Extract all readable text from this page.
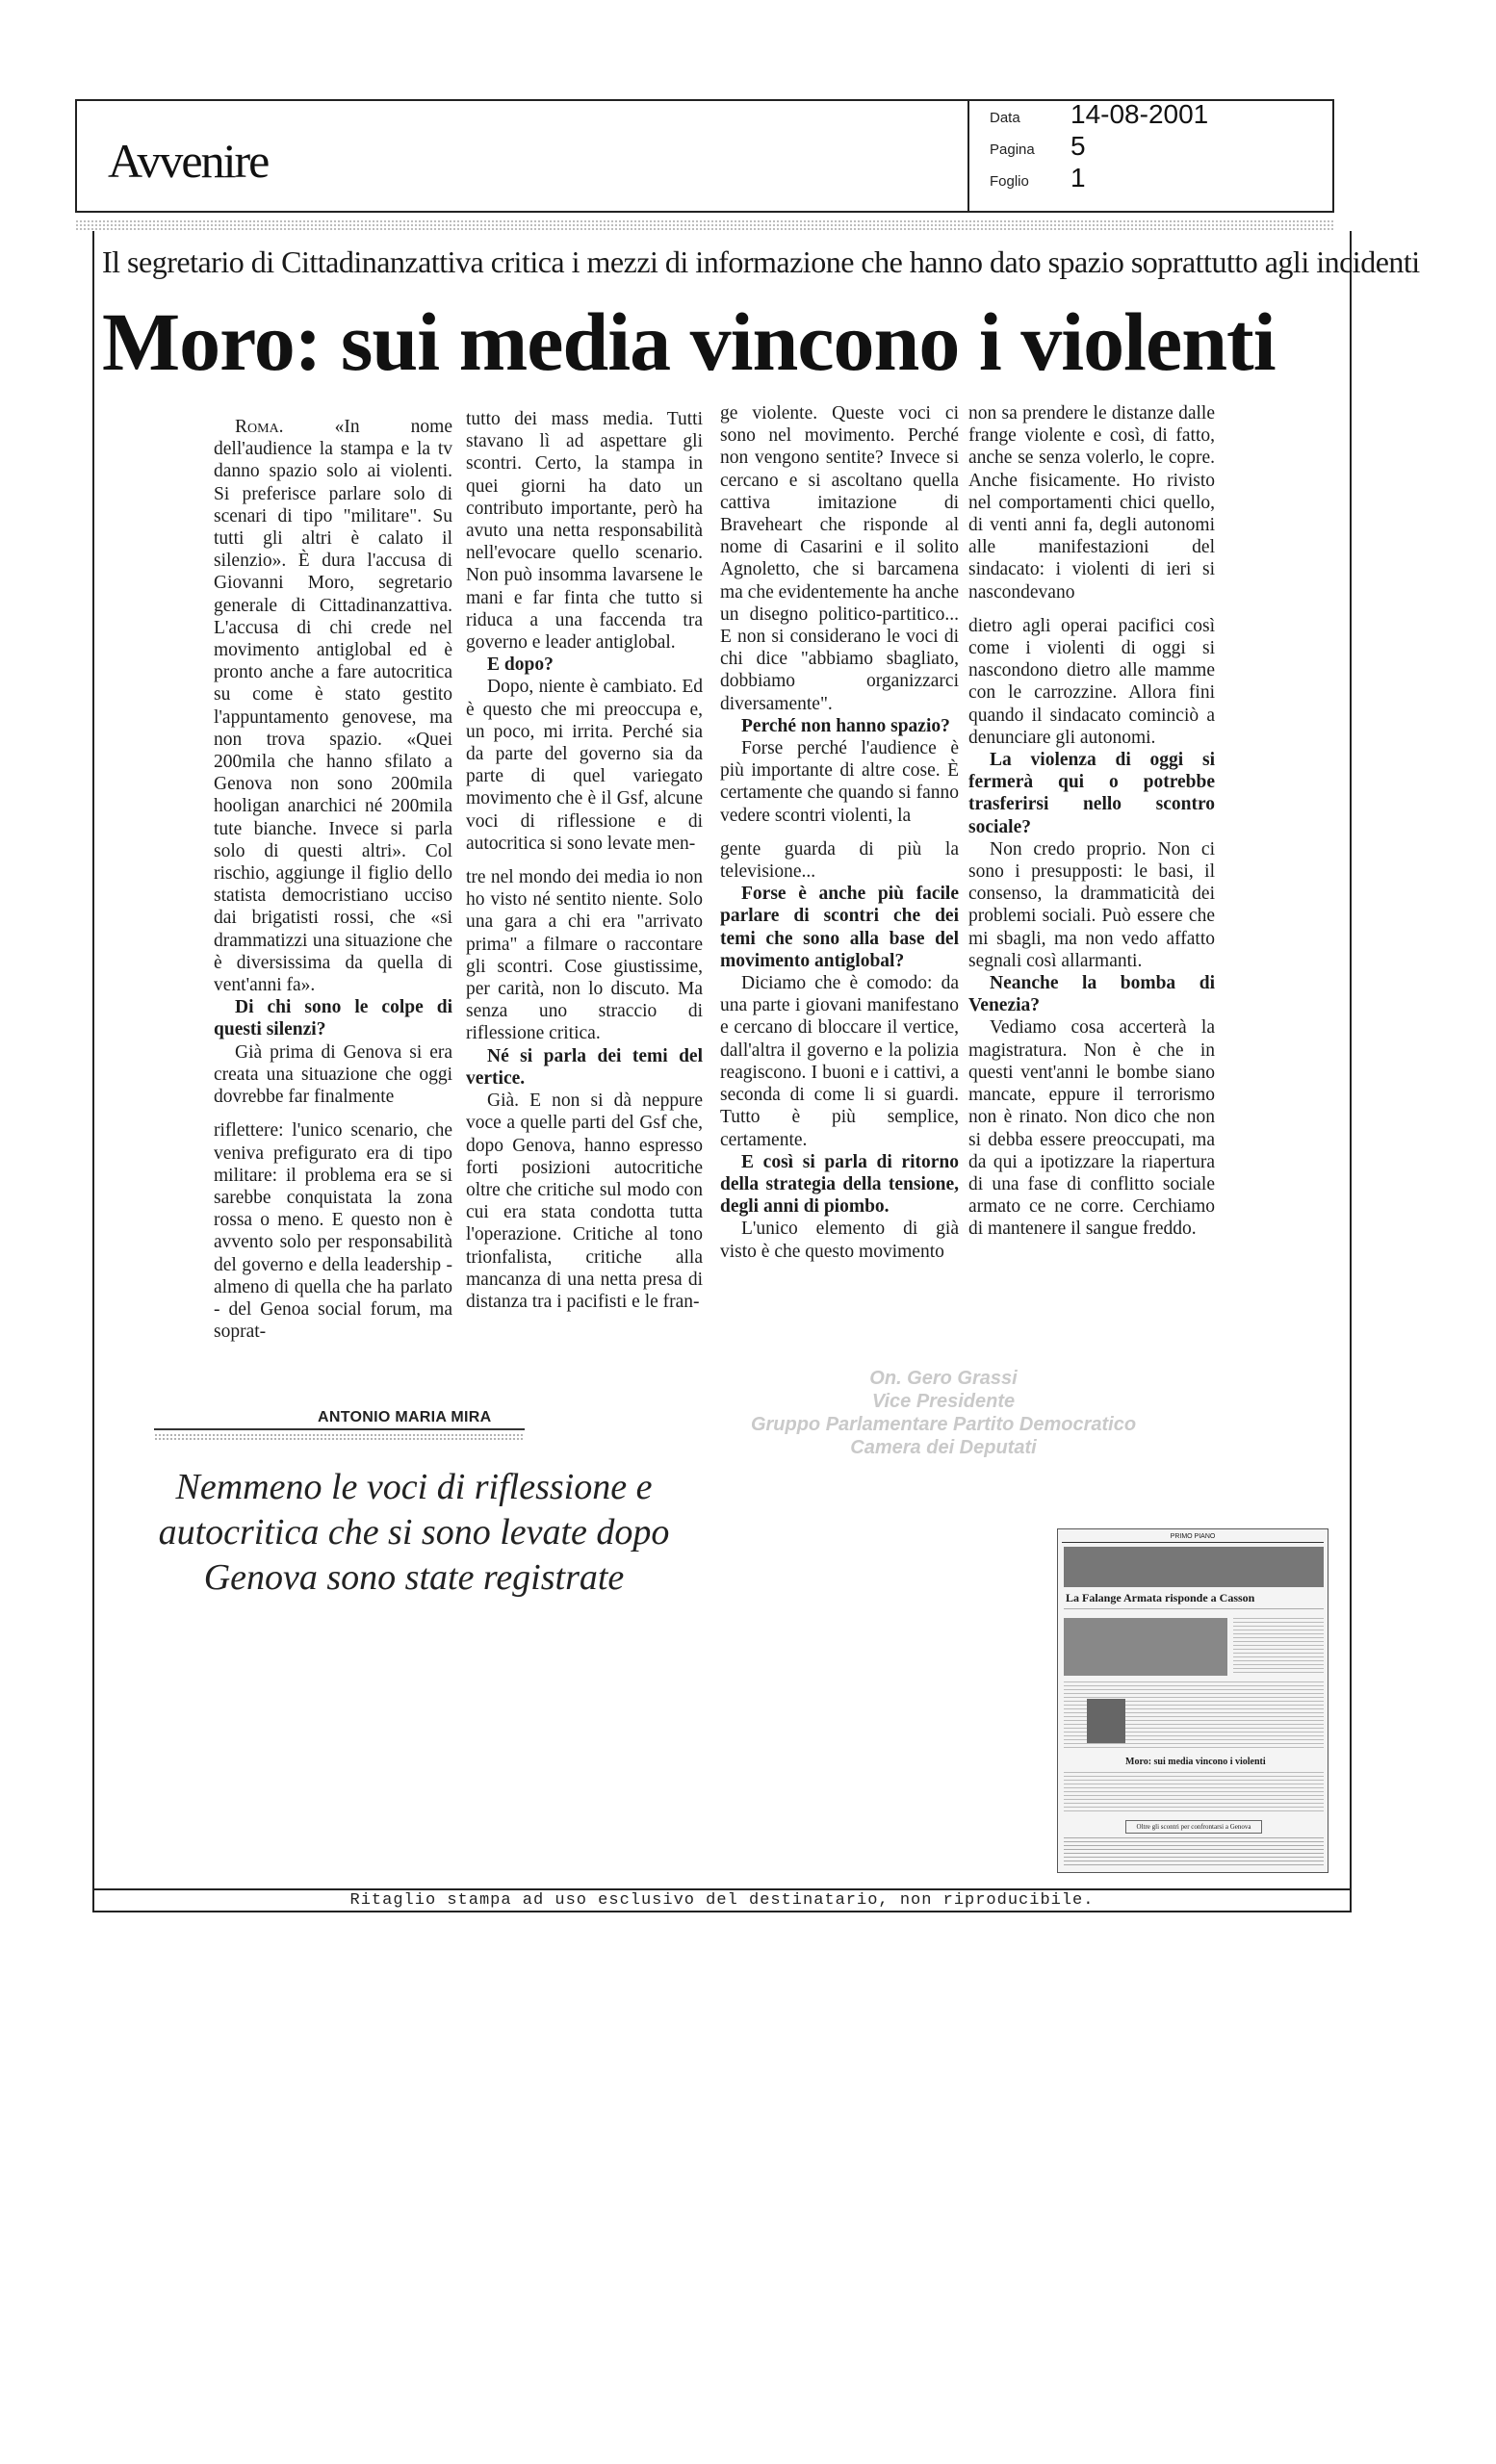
Avvenire
Data 14-08-2001
Pagina 5
Foglio 1
Il segretario di Cittadinanzattiva critica i mezzi di informazione che hanno dato spazio soprattutto agli incidenti
Moro: sui media vincono i violenti

Roma.	«In nome dell'audience la stampa e la tv danno spazio solo ai violenti. Si preferisce parlare solo di scenari di tipo "militare". Su tutti gli altri è calato il silenzio». È dura l'accusa di Giovanni Moro, segretario generale di Cittadinanzattiva. L'accusa di chi crede nel movimento antiglobal ed è pronto anche a fare autocritica su come è stato gestito l'appuntamento genovese, ma non trova spazio. «Quei 200mila che hanno sfilato a Genova non sono 200mila hooligan anarchici né 200mila tute bianche. Invece si parla solo di questi altri». Col rischio, aggiunge il figlio dello statista democristiano ucciso dai brigatisti rossi, che «si drammatizzi una situazione che è diversissima da quella di vent'anni fa».

Di chi sono le colpe di questi silenzi?

Già prima di Genova si era creata una situazione che oggi dovrebbe far finalmente

riflettere: l'unico scenario, che veniva prefigurato era di tipo militare: il problema era se si sarebbe conquistata la zona rossa o meno. E questo non è avvento solo per responsabilità del governo e della leadership - almeno di quella che ha parlato - del Genoa social forum, ma soprat-

tutto dei mass media. Tutti stavano lì ad aspettare gli scontri. Certo, la stampa in quei giorni ha dato un contributo importante, però ha avuto una netta responsabilità nell'evocare quello scenario. Non può insomma lavarsene le mani e far finta che tutto si riduca a una faccenda tra governo e leader antiglobal.

E dopo?

Dopo, niente è cambiato. Ed è questo che mi preoccupa e, un poco, mi irrita. Perché sia da parte del governo sia da parte di quel variegato movimento che è il Gsf, alcune voci di riflessione e di autocritica si sono levate men-

tre nel mondo dei media io non ho visto né sentito niente. Solo una gara a chi era "arrivato prima" a filmare o raccontare gli scontri. Cose giustissime, per carità, non lo discuto. Ma senza uno straccio di riflessione critica.

Né si parla dei temi del vertice.

Già. E non si dà neppure voce a quelle parti del Gsf che, dopo Genova, hanno espresso forti posizioni autocritiche oltre che critiche sul modo con cui era stata condotta tutta l'operazione. Critiche al tono trionfalista, critiche alla mancanza di una netta presa di distanza tra i pacifisti e le fran-

ge violente. Queste voci ci sono nel movimento. Perché non vengono sentite? Invece si cercano e si ascoltano quella cattiva imitazione di Braveheart che risponde al nome di Casarini e il solito Agnoletto, che si barcamena ma che evidentemente ha anche un disegno politico-partitico... E non si considerano le voci di chi dice "abbiamo sbagliato, dobbiamo organizzarci diversamente".

Perché non hanno spazio?

Forse perché l'audience è più importante di altre cose. È certamente che quando si fanno vedere scontri violenti, la

gente guarda di più la televisione...

Forse è anche più facile parlare di scontri che dei temi che sono alla base del movimento antiglobal?

Diciamo che è comodo: da una parte i giovani manifestano e cercano di bloccare il vertice, dall'altra il governo e la polizia reagiscono. I buoni e i cattivi, a seconda di come li si guardi. Tutto è più semplice, certamente.

E così si parla di ritorno della strategia della tensione, degli anni di piombo.

L'unico elemento di già visto è che questo movimento

non sa prendere le distanze dalle frange violente e così, di fatto, anche se senza volerlo, le copre. Anche fisicamente. Ho rivisto nel comportamenti chici quello, di venti anni fa, degli autonomi alle manifestazioni del sindacato: i violenti di ieri si nascondevano

dietro agli operai pacifici così come i violenti di oggi si nascondono dietro alle mamme con le carrozzine. Allora fini quando il sindacato cominciò a denunciare gli autonomi.

La violenza di oggi si fermerà qui o potrebbe trasferirsi nello scontro sociale?

Non credo proprio. Non ci sono i presupposti: le basi, il consenso, la drammaticità dei problemi sociali. Può essere che mi sbagli, ma non vedo affatto segnali così allarmanti.

Neanche la bomba di Venezia?

Vediamo cosa accerterà la magistratura. Non è che in questi vent'anni le bombe siano mancate, eppure il terrorismo non è rinato. Non dico che non si debba essere preoccupati, ma da qui a ipotizzare la riapertura di una fase di conflitto sociale armato ce ne corre. Cerchiamo di mantenere il sangue freddo.

ANTONIO MARIA MIRA
Nemmeno le voci di riflessione e autocritica che si sono levate dopo Genova sono state registrate
On. Gero Grassi
Vice Presidente
Gruppo Parlamentare Partito Democratico
Camera dei Deputati
PRIMO PIANO
La Falange Armata risponde a Casson
Moro: sui media vincono i violenti
Oltre gli scontri per confrontarsi a Genova
Ritaglio stampa ad uso esclusivo del destinatario, non riproducibile.
